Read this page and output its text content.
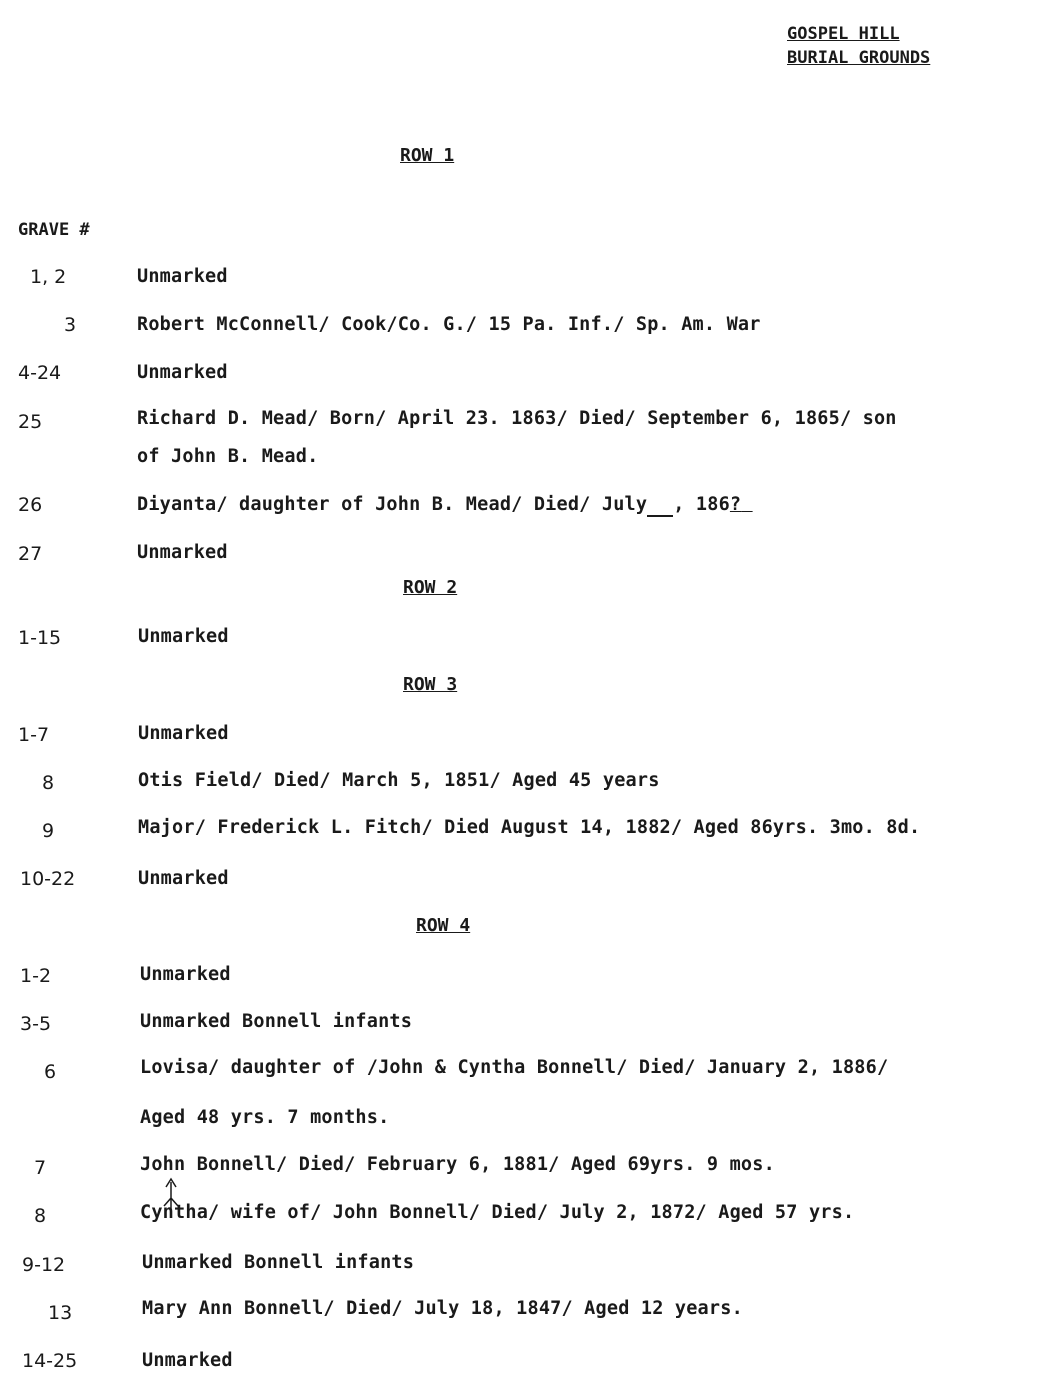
GOSPEL HILL
BURIAL GROUNDS
ROW 1
GRAVE #
1, 2	Unmarked
3	Robert McConnell/ Cook/Co. G./ 15 Pa. Inf./ Sp. Am. War
4-24	Unmarked
25	Richard D. Mead/ Born/ April 23. 1863/ Died/ September 6, 1865/ son
of John B. Mead.
26	Diyanta/ daughter of John B. Mead/ Died/ July , 186?
27	Unmarked
ROW 2
1-15	Unmarked
ROW 3
1-7	Unmarked
8	Otis Field/ Died/ March 5, 1851/ Aged 45 years
9	Major/ Frederick L. Fitch/ Died August 14, 1882/ Aged 86yrs. 3mo. 8d.
10-22	Unmarked
ROW 4
1-2	Unmarked
3-5	Unmarked Bonnell infants
6	Lovisa/ daughter of /John & Cyntha Bonnell/ Died/ January 2, 1886/
Aged 48 yrs. 7 months.
7	John Bonnell/ Died/ February 6, 1881/ Aged 69yrs. 9 mos.
8	Cyntha/ wife of/ John Bonnell/ Died/ July 2, 1872/ Aged 57 yrs.
9-12	Unmarked Bonnell infants
13	Mary Ann Bonnell/ Died/ July 18, 1847/ Aged 12 years.
14-25	Unmarked
